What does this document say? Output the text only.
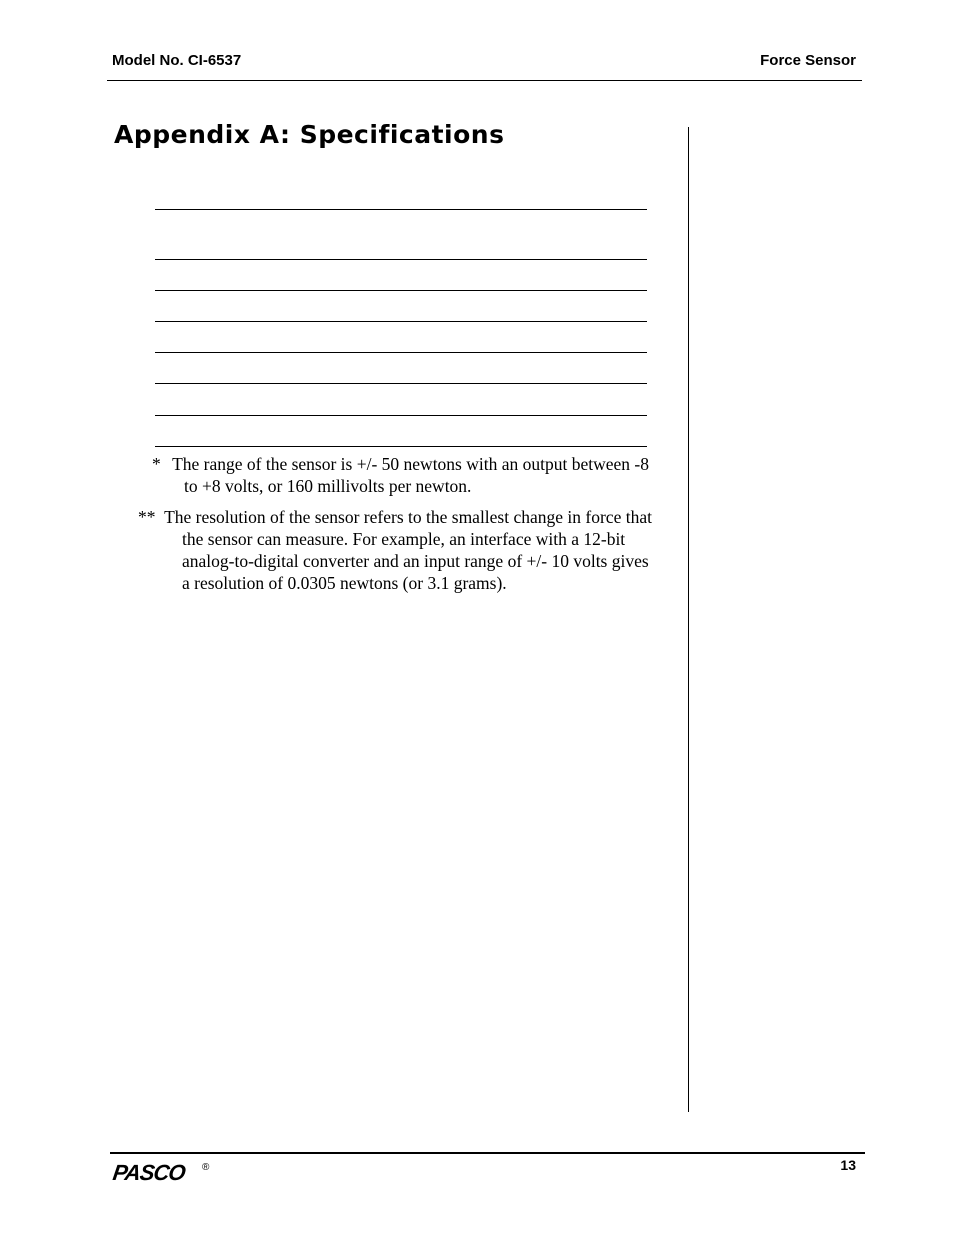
Model No. CI-6537	Force Sensor
Appendix A: Specifications

* The range of the sensor is +/- 50 newtons with an output between -8 to +8 volts, or 160 millivolts per newton.

** The resolution of the sensor refers to the smallest change in force that the sensor can measure. For example, an interface with a 12-bit analog-to-digital converter and an input range of +/- 10 volts gives a resolution of 0.0305 newtons (or 3.1 grams).

PASCO ®	13
